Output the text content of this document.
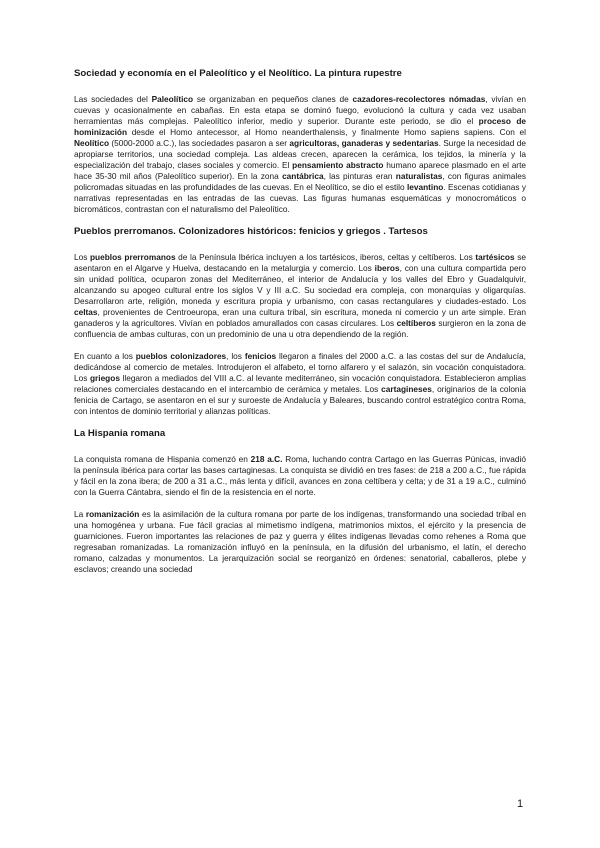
Sociedad y economía en el Paleolítico y el Neolítico. La pintura rupestre

Las sociedades del Paleolítico se organizaban en pequeños clanes de cazadores-recolectores nómadas, vivían en cuevas y ocasionalmente en cabañas. En esta etapa se dominó fuego, evolucionó la cultura y cada vez usaban herramientas más complejas. Paleolítico inferior, medio y superior. Durante este periodo, se dio el proceso de hominización desde el Homo antecessor, al Homo neanderthalensis, y finalmente Homo sapiens sapiens. Con el Neolítico (5000-2000 a.C.), las sociedades pasaron a ser agricultoras, ganaderas y sedentarias. Surge la necesidad de apropiarse territorios, una sociedad compleja. Las aldeas crecen, aparecen la cerámica, los tejidos, la minería y la especialización del trabajo, clases sociales y comercio. El pensamiento abstracto humano aparece plasmado en el arte hace 35-30 mil años (Paleolítico superior). En la zona cantábrica, las pinturas eran naturalistas, con figuras animales policromadas situadas en las profundidades de las cuevas. En el Neolítico, se dio el estilo levantino. Escenas cotidianas y narrativas representadas en las entradas de las cuevas. Las figuras humanas esquemáticas y monocromáticos o bicromáticos, contrastan con el naturalismo del Paleolítico.

Pueblos prerromanos. Colonizadores históricos: fenicios y griegos . Tartesos

Los pueblos prerromanos de la Península Ibérica incluyen a los tartésicos, iberos, celtas y celtíberos. Los tartésicos se asentaron en el Algarve y Huelva, destacando en la metalurgia y comercio. Los iberos, con una cultura compartida pero sin unidad política, ocuparon zonas del Mediterráneo, el interior de Andalucía y los valles del Ebro y Guadalquivir, alcanzando su apogeo cultural entre los siglos V y III a.C. Su sociedad era compleja, con monarquías y oligarquías. Desarrollaron arte, religión, moneda y escritura propia y urbanismo, con casas rectangulares y ciudades-estado. Los celtas, provenientes de Centroeuropa, eran una cultura tribal, sin escritura, moneda ni comercio y un arte simple. Eran ganaderos y la agricultores. Vivían en poblados amurallados con casas circulares. Los celtíberos surgieron en la zona de confluencia de ambas culturas, con un predominio de una u otra dependiendo de la región.

En cuanto a los pueblos colonizadores, los fenicios llegaron a finales del 2000 a.C. a las costas del sur de Andalucía, dedicándose al comercio de metales. Introdujeron el alfabeto, el torno alfarero y el salazón, sin vocación conquistadora. Los griegos llegaron a mediados del VIII a.C. al levante mediterráneo, sin vocación conquistadora. Establecieron amplias relaciones comerciales destacando en el intercambio de cerámica y metales. Los cartagineses, originarios de la colonia fenicia de Cartago, se asentaron en el sur y suroeste de Andalucía y Baleares, buscando control estratégico contra Roma, con intentos de dominio territorial y alianzas políticas.

La Hispania romana

La conquista romana de Hispania comenzó en 218 a.C. Roma, luchando contra Cartago en las Guerras Púnicas, invadió la península ibérica para cortar las bases cartaginesas. La conquista se dividió en tres fases: de 218 a 200 a.C., fue rápida y fácil en la zona ibera; de 200 a 31 a.C., más lenta y difícil, avances en zona celtíbera y celta; y de 31 a 19 a.C., culminó con la Guerra Cántabra, siendo el fin de la resistencia en el norte.

La romanización es la asimilación de la cultura romana por parte de los indígenas, transformando una sociedad tribal en una homogénea y urbana. Fue fácil gracias al mimetismo indígena, matrimonios mixtos, el ejército y la presencia de guarniciones. Fueron importantes las relaciones de paz y guerra y élites indígenas llevadas como rehenes a Roma que regresaban romanizadas. La romanización influyó en la península, en la difusión del urbanismo, el latín, el derecho romano, calzadas y monumentos. La jerarquización social se reorganizó en órdenes: senatorial, caballeros, plebe y esclavos; creando una sociedad

1
